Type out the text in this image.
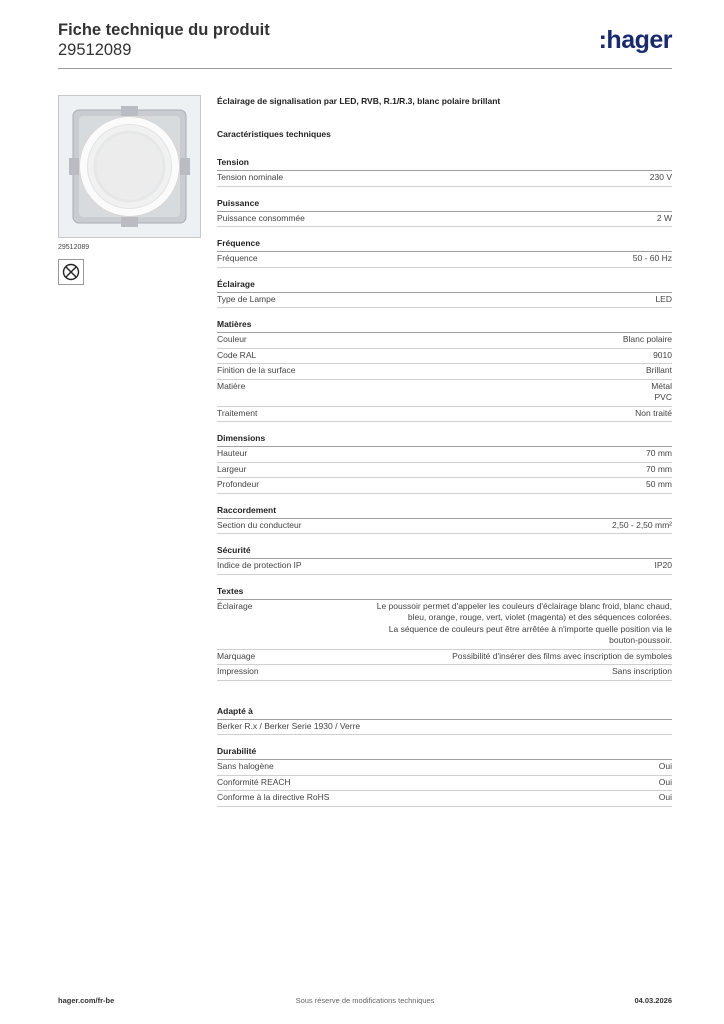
Fiche technique du produit
29512089	:hager
29512089
Éclairage de signalisation par LED, RVB, R.1/R.3, blanc polaire brillant
Caractéristiques techniques
Tension
Tension nominale	230 V
Puissance
Puissance consommée	2 W
Fréquence
Fréquence	50 - 60 Hz
Éclairage
Type de Lampe	LED
Matières
Couleur	Blanc polaire
Code RAL	9010
Finition de la surface	Brillant
Matière	Métal
PVC
Traitement	Non traité
Dimensions
Hauteur	70 mm
Largeur	70 mm
Profondeur	50 mm
Raccordement
Section du conducteur	2,50 - 2,50 mm²
Sécurité
Indice de protection IP	IP20
Textes
Éclairage	Le poussoir permet d'appeler les couleurs d'éclairage blanc froid, blanc chaud,
bleu, orange, rouge, vert, violet (magenta) et des séquences colorées.
La séquence de couleurs peut être arrêtée à n'importe quelle position via le
bouton-poussoir.
Marquage	Possibilité d'insérer des films avec inscription de symboles
Impression	Sans inscription
Adapté à
Berker R.x / Berker Serie 1930 / Verre
Durabilité
Sans halogène	Oui
Conformité REACH	Oui
Conforme à la directive RoHS	Oui
hager.com/fr-be	Sous réserve de modifications techniques	04.03.2026
